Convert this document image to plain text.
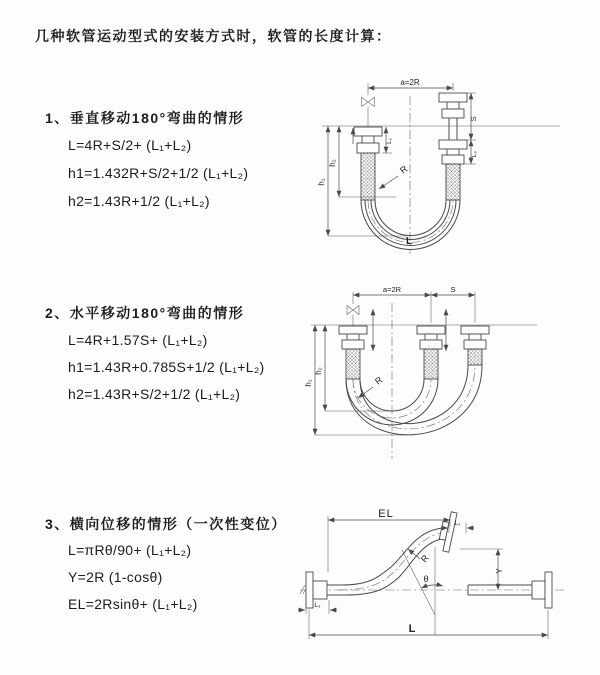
几种软管运动型式的安装方式时，软管的长度计算：
1、垂直移动180°弯曲的情形
L=4R+S/2+ (L₁+L₂)
h1=1.432R+S/2+1/2 (L₁+L₂)
h2=1.43R+1/2 (L₁+L₂)
2、水平移动180°弯曲的情形
L=4R+1.57S+ (L₁+L₂)
h1=1.43R+0.785S+1/2 (L₁+L₂)
h2=1.43R+S/2+1/2 (L₁+L₂)
3、横向位移的情形（一次性变位）
L=πRθ/90+ (L₁+L₂)
Y=2R (1-cosθ)
EL=2Rsinθ+ (L₁+L₂)
a=2R
R
h₁
h₂
S
L₂
L₁
L
a=2R	S
R
h₁
h₂
EL
L₁
Y
R
θ
L₂
L
